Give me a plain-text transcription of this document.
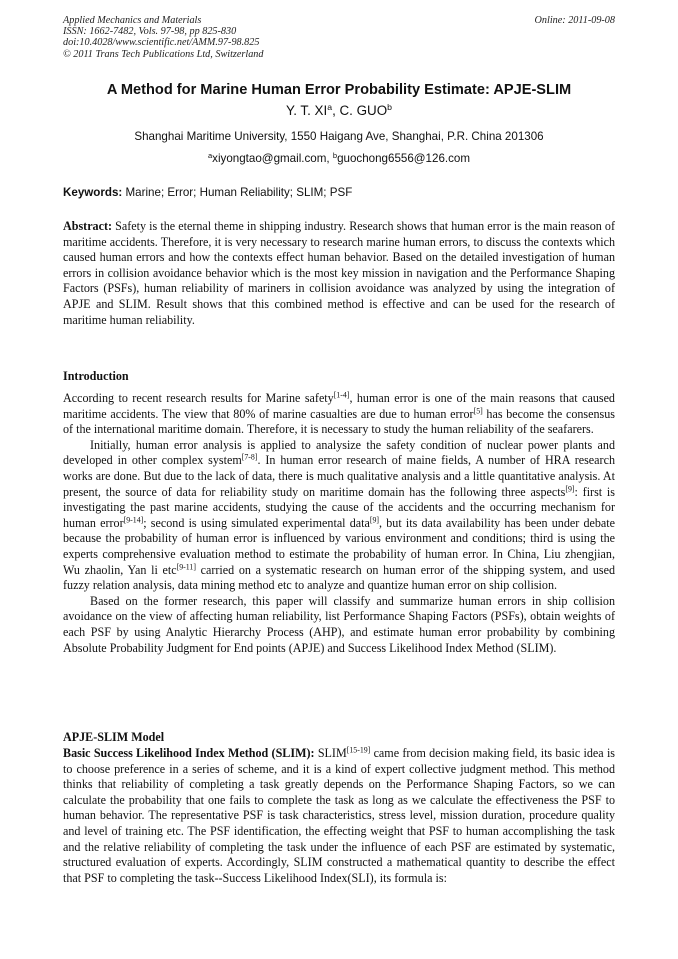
Applied Mechanics and Materials
ISSN: 1662-7482, Vols. 97-98, pp 825-830
doi:10.4028/www.scientific.net/AMM.97-98.825
© 2011 Trans Tech Publications Ltd, Switzerland
Online: 2011-09-08
A Method for Marine Human Error Probability Estimate: APJE-SLIM
Y. T. $XI^a$, C. GUO$^b$
Shanghai Maritime University, 1550 Haigang Ave, Shanghai, P.R. China 201306
$^a$xiyongtao@gmail.com, $^b$guochong6556@126.com
Keywords: Marine; Error; Human Reliability; SLIM; PSF

Abstract: Safety is the eternal theme in shipping industry. Research shows that human error is the main reason of maritime accidents. Therefore, it is very necessary to research marine human errors, to discuss the contexts which caused human errors and how the contexts effect human behavior. Based on the detailed investigation of human errors in collision avoidance behavior which is the most key mission in navigation and the Performance Shaping Factors (PSFs), human reliability of mariners in collision avoidance was analyzed by using the integration of APJE and SLIM. Result shows that this combined method is effective and can be used for the research of maritime human reliability.

Introduction

According to recent research results for Marine safety[1-4], human error is one of the main reasons that caused maritime accidents. The view that 80% of marine casualties are due to human error[5] has become the consensus of the international maritime domain. Therefore, it is necessary to study the human reliability of the seafarers.

Initially, human error analysis is applied to analysize the safety condition of nuclear power plants and developed in other complex system[7-8]. In human error research of maine fields, A number of HRA research works are done. But due to the lack of data, there is much qualitative analysis and a little quantitative analysis. At present, the source of data for reliability study on maritime domain has the following three aspects[9]: first is investigating the past marine accidents, studying the cause of the accidents and the occurring mechanism for human error[9-14]; second is using simulated experimental data[9], but its data availability has been under debate because the probability of human error is influenced by various environment and conditions; third is using the experts comprehensive evaluation method to estimate the probability of human error. In China, Liu zhengjian, Wu zhaolin, Yan li etc[9-11] carried on a systematic research on human error of the shipping system, and used fuzzy relation analysis, data mining method etc to analyze and quantize human error on ship collision.

Based on the former research, this paper will classify and summarize human errors in ship collision avoidance on the view of affecting human reliability, list Performance Shaping Factors (PSFs), obtain weights of each PSF by using Analytic Hierarchy Process (AHP), and estimate human error probability by combining Absolute Probability Judgment for End points (APJE) and Success Likelihood Index Method (SLIM).

APJE-SLIM Model

Basic Success Likelihood Index Method (SLIM): SLIM[15-19] came from decision making field, its basic idea is to choose preference in a series of scheme, and it is a kind of expert collective judgment method. This method thinks that reliability of completing a task greatly depends on the Performance Shaping Factors, so we can calculate the probability that one fails to complete the task as long as we calculate the effectiveness the PSF to human behavior. The representative PSF is task characteristics, stress level, mission duration, procedure quality and level of training etc. The PSF identification, the effecting weight that PSF to human accomplishing the task and the relative reliability of completing the task under the influence of each PSF are estimated by systematic, structured evaluation of experts. Accordingly, SLIM constructed a mathematical quantity to describe the effect that PSF to completing the task--Success Likelihood Index(SLI), its formula is:
